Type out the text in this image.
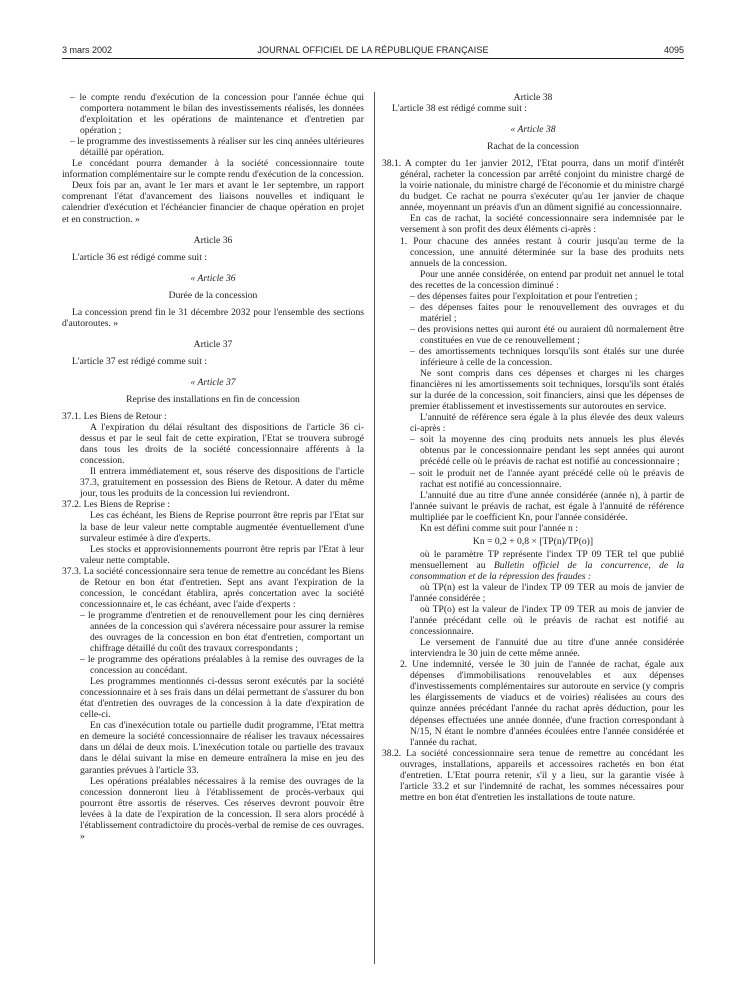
3 mars 2002	JOURNAL OFFICIEL DE LA RÉPUBLIQUE FRANÇAISE	4095

– le compte rendu d'exécution de la concession pour l'année échue qui comportera notamment le bilan des investissements réalisés, les données d'exploitation et les opérations de maintenance et d'entretien par opération ;

– le programme des investissements à réaliser sur les cinq années ultérieures détaillé par opération.

Le concédant pourra demander à la société concessionnaire toute information complémentaire sur le compte rendu d'exécution de la concession.

Deux fois par an, avant le 1er mars et avant le 1er septembre, un rapport comprenant l'état d'avancement des liaisons nouvelles et indiquant le calendrier d'exécution et l'échéancier financier de chaque opération en projet et en construction. »

Article 36

L'article 36 est rédigé comme suit :

« Article 36

Durée de la concession

La concession prend fin le 31 décembre 2032 pour l'ensemble des sections d'autoroutes. »

Article 37

L'article 37 est rédigé comme suit :

« Article 37

Reprise des installations en fin de concession

37.1. Les Biens de Retour :

A l'expiration du délai résultant des dispositions de l'article 36 ci-dessus et par le seul fait de cette expiration, l'Etat se trouvera subrogé dans tous les droits de la société concessionnaire afférents à la concession.

Il entrera immédiatement et, sous réserve des dispositions de l'article 37.3, gratuitement en possession des Biens de Retour. A dater du même jour, tous les produits de la concession lui reviendront.

37.2. Les Biens de Reprise :

Les cas échéant, les Biens de Reprise pourront être repris par l'Etat sur la base de leur valeur nette comptable augmentée éventuellement d'une survaleur estimée à dire d'experts.

Les stocks et approvisionnements pourront être repris par l'Etat à leur valeur nette comptable.

37.3. La société concessionnaire sera tenue de remettre au concédant les Biens de Retour en bon état d'entretien. Sept ans avant l'expiration de la concession, le concédant établira, après concertation avec la société concessionnaire et, le cas échéant, avec l'aide d'experts :

– le programme d'entretien et de renouvellement pour les cinq dernières années de la concession qui s'avérera nécessaire pour assurer la remise des ouvrages de la concession en bon état d'entretien, comportant un chiffrage détaillé du coût des travaux correspondants ;

– le programme des opérations préalables à la remise des ouvrages de la concession au concédant.

Les programmes mentionnés ci-dessus seront exécutés par la société concessionnaire et à ses frais dans un délai permettant de s'assurer du bon état d'entretien des ouvrages de la concession à la date d'expiration de celle-ci.

En cas d'inexécution totale ou partielle dudit programme, l'Etat mettra en demeure la société concessionnaire de réaliser les travaux nécessaires dans un délai de deux mois. L'inexécution totale ou partielle des travaux dans le délai suivant la mise en demeure entraînera la mise en jeu des garanties prévues à l'article 33.

Les opérations préalables nécessaires à la remise des ouvrages de la concession donneront lieu à l'établissement de procès-verbaux qui pourront être assortis de réserves. Ces réserves devront pouvoir être levées à la date de l'expiration de la concession. Il sera alors procédé à l'établissement contradictoire du procès-verbal de remise de ces ouvrages. »

Article 38

L'article 38 est rédigé comme suit :

« Article 38

Rachat de la concession

38.1. A compter du 1er janvier 2012, l'Etat pourra, dans un motif d'intérêt général, racheter la concession par arrêté conjoint du ministre chargé de la voirie nationale, du ministre chargé de l'économie et du ministre chargé du budget. Ce rachat ne pourra s'exécuter qu'au 1er janvier de chaque année, moyennant un préavis d'un an dûment signifié au concessionnaire.

En cas de rachat, la société concessionnaire sera indemnisée par le versement à son profit des deux éléments ci-après :

1. Pour chacune des années restant à courir jusqu'au terme de la concession, une annuité déterminée sur la base des produits nets annuels de la concession.

Pour une année considérée, on entend par produit net annuel le total des recettes de la concession diminué :

– des dépenses faites pour l'exploitation et pour l'entretien ;

– des dépenses faites pour le renouvellement des ouvrages et du matériel ;

– des provisions nettes qui auront été ou auraient dû normalement être constituées en vue de ce renouvellement ;

– des amortissements techniques lorsqu'ils sont étalés sur une durée inférieure à celle de la concession.

Ne sont compris dans ces dépenses et charges ni les charges financières ni les amortissements soit techniques, lorsqu'ils sont étalés sur la durée de la concession, soit financiers, ainsi que les dépenses de premier établissement et investissements sur autoroutes en service.

L'annuité de référence sera égale à la plus élevée des deux valeurs ci-après :

– soit la moyenne des cinq produits nets annuels les plus élevés obtenus par le concessionnaire pendant les sept années qui auront précédé celle où le préavis de rachat est notifié au concessionnaire ;

– soit le produit net de l'année ayant précédé celle où le préavis de rachat est notifié au concessionnaire.

L'annuité due au titre d'une année considérée (année n), à partir de l'année suivant le préavis de rachat, est égale à l'annuité de référence multipliée par le coefficient Kn, pour l'année considérée.

Kn est défini comme suit pour l'année n :

Kn = 0,2 + 0,8 × [TP(n)/TP(o)]

où le paramètre TP représente l'index TP 09 TER tel que publié mensuellement au Bulletin officiel de la concurrence, de la consommation et de la répression des fraudes :

où TP(n) est la valeur de l'index TP 09 TER au mois de janvier de l'année considérée ;

où TP(o) est la valeur de l'index TP 09 TER au mois de janvier de l'année précédant celle où le préavis de rachat est notifié au concessionnaire.

Le versement de l'annuité due au titre d'une année considérée interviendra le 30 juin de cette même année.

2. Une indemnité, versée le 30 juin de l'année de rachat, égale aux dépenses d'immobilisations renouvelables et aux dépenses d'investissements complémentaires sur autoroute en service (y compris les élargissements de viaducs et de voiries) réalisées au cours des quinze années précédant l'année du rachat après déduction, pour les dépenses effectuées une année donnée, d'une fraction correspondant à N/15, N étant le nombre d'années écoulées entre l'année considérée et l'année du rachat.

38.2. La société concessionnaire sera tenue de remettre au concédant les ouvrages, installations, appareils et accessoires rachetés en bon état d'entretien. L'Etat pourra retenir, s'il y a lieu, sur la garantie visée à l'article 33.2 et sur l'indemnité de rachat, les sommes nécessaires pour mettre en bon état d'entretien les installations de toute nature.
